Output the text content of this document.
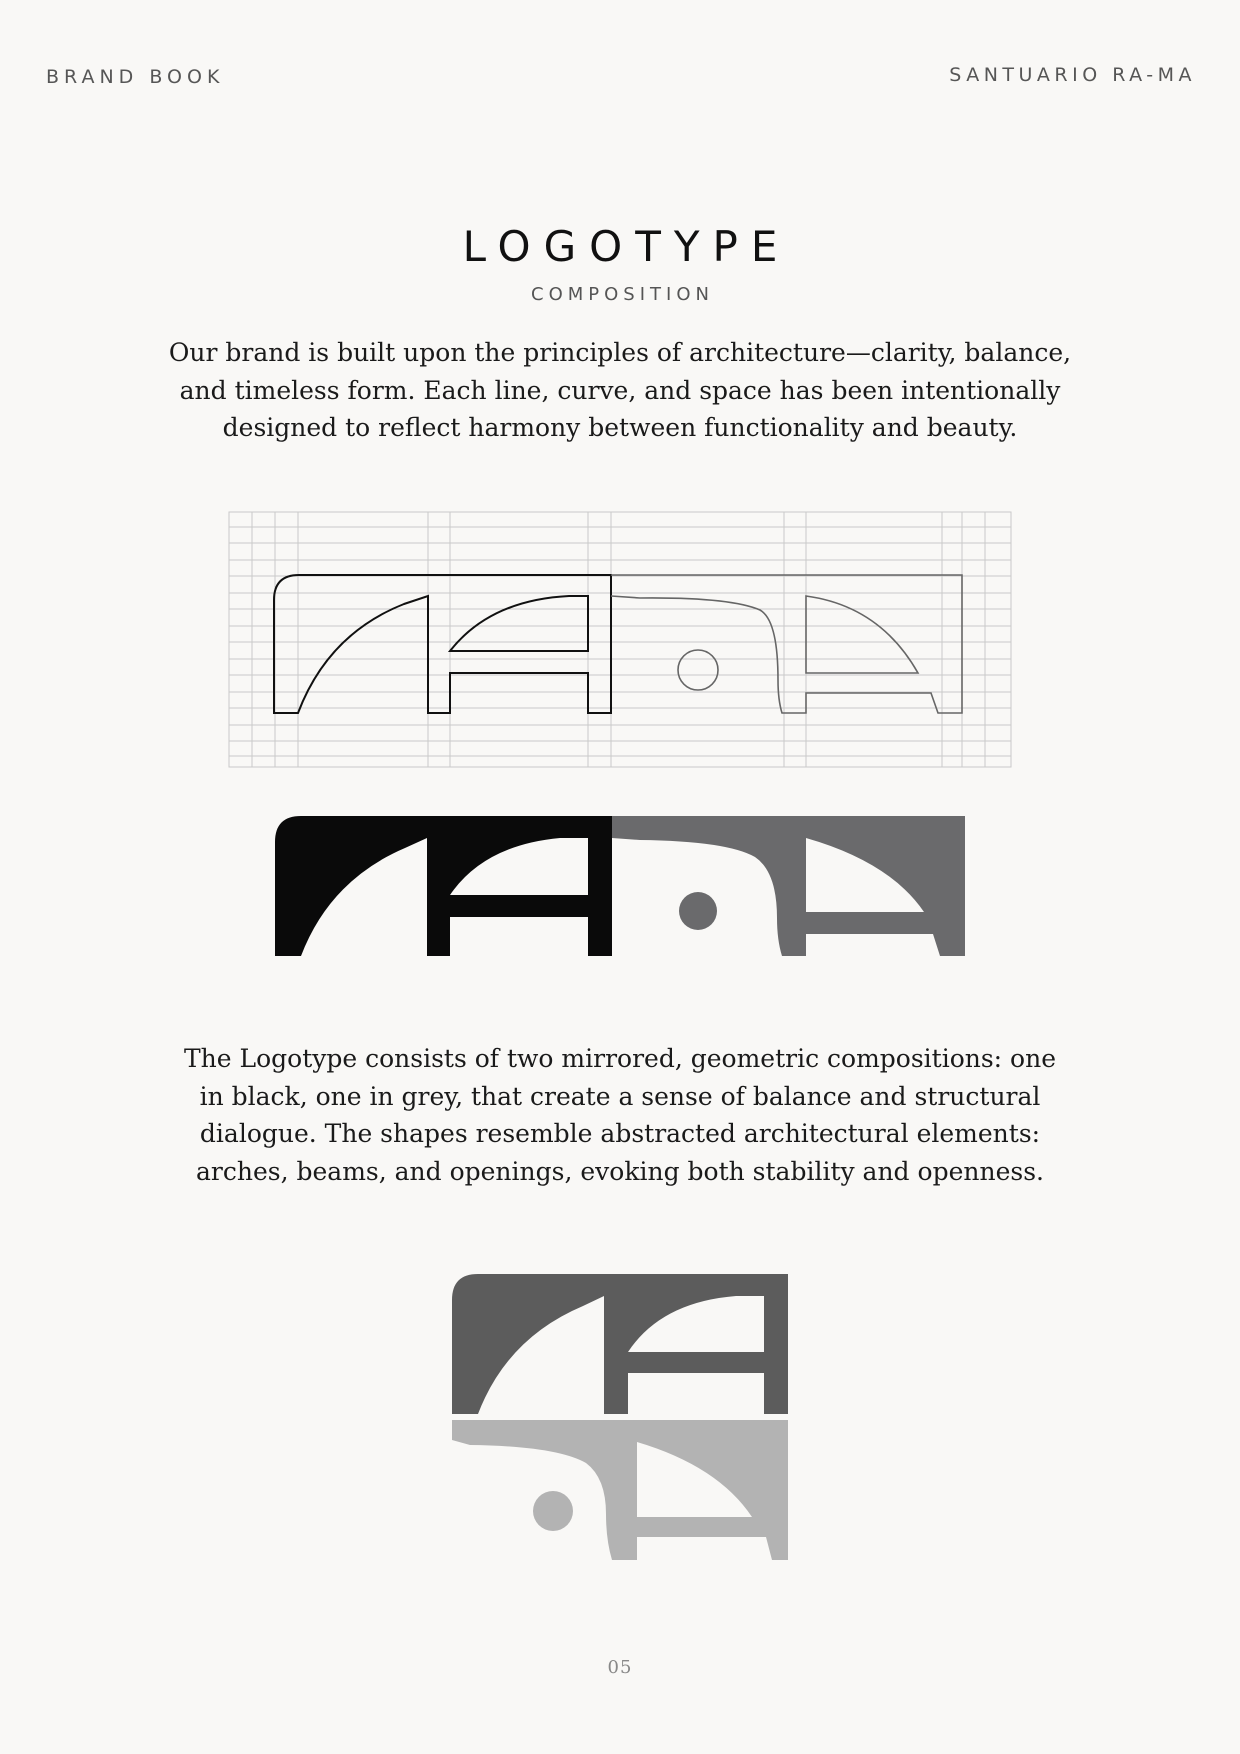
BRAND BOOK	SANTUARIO RA-MA
LOGOTYPE
COMPOSITION
Our brand is built upon the principles of architecture—clarity, balance,
and timeless form. Each line, curve, and space has been intentionally
designed to reflect harmony between functionality and beauty.
The Logotype consists of two mirrored, geometric compositions: one
in black, one in grey, that create a sense of balance and structural
dialogue. The shapes resemble abstracted architectural elements:
arches, beams, and openings, evoking both stability and openness.
05
